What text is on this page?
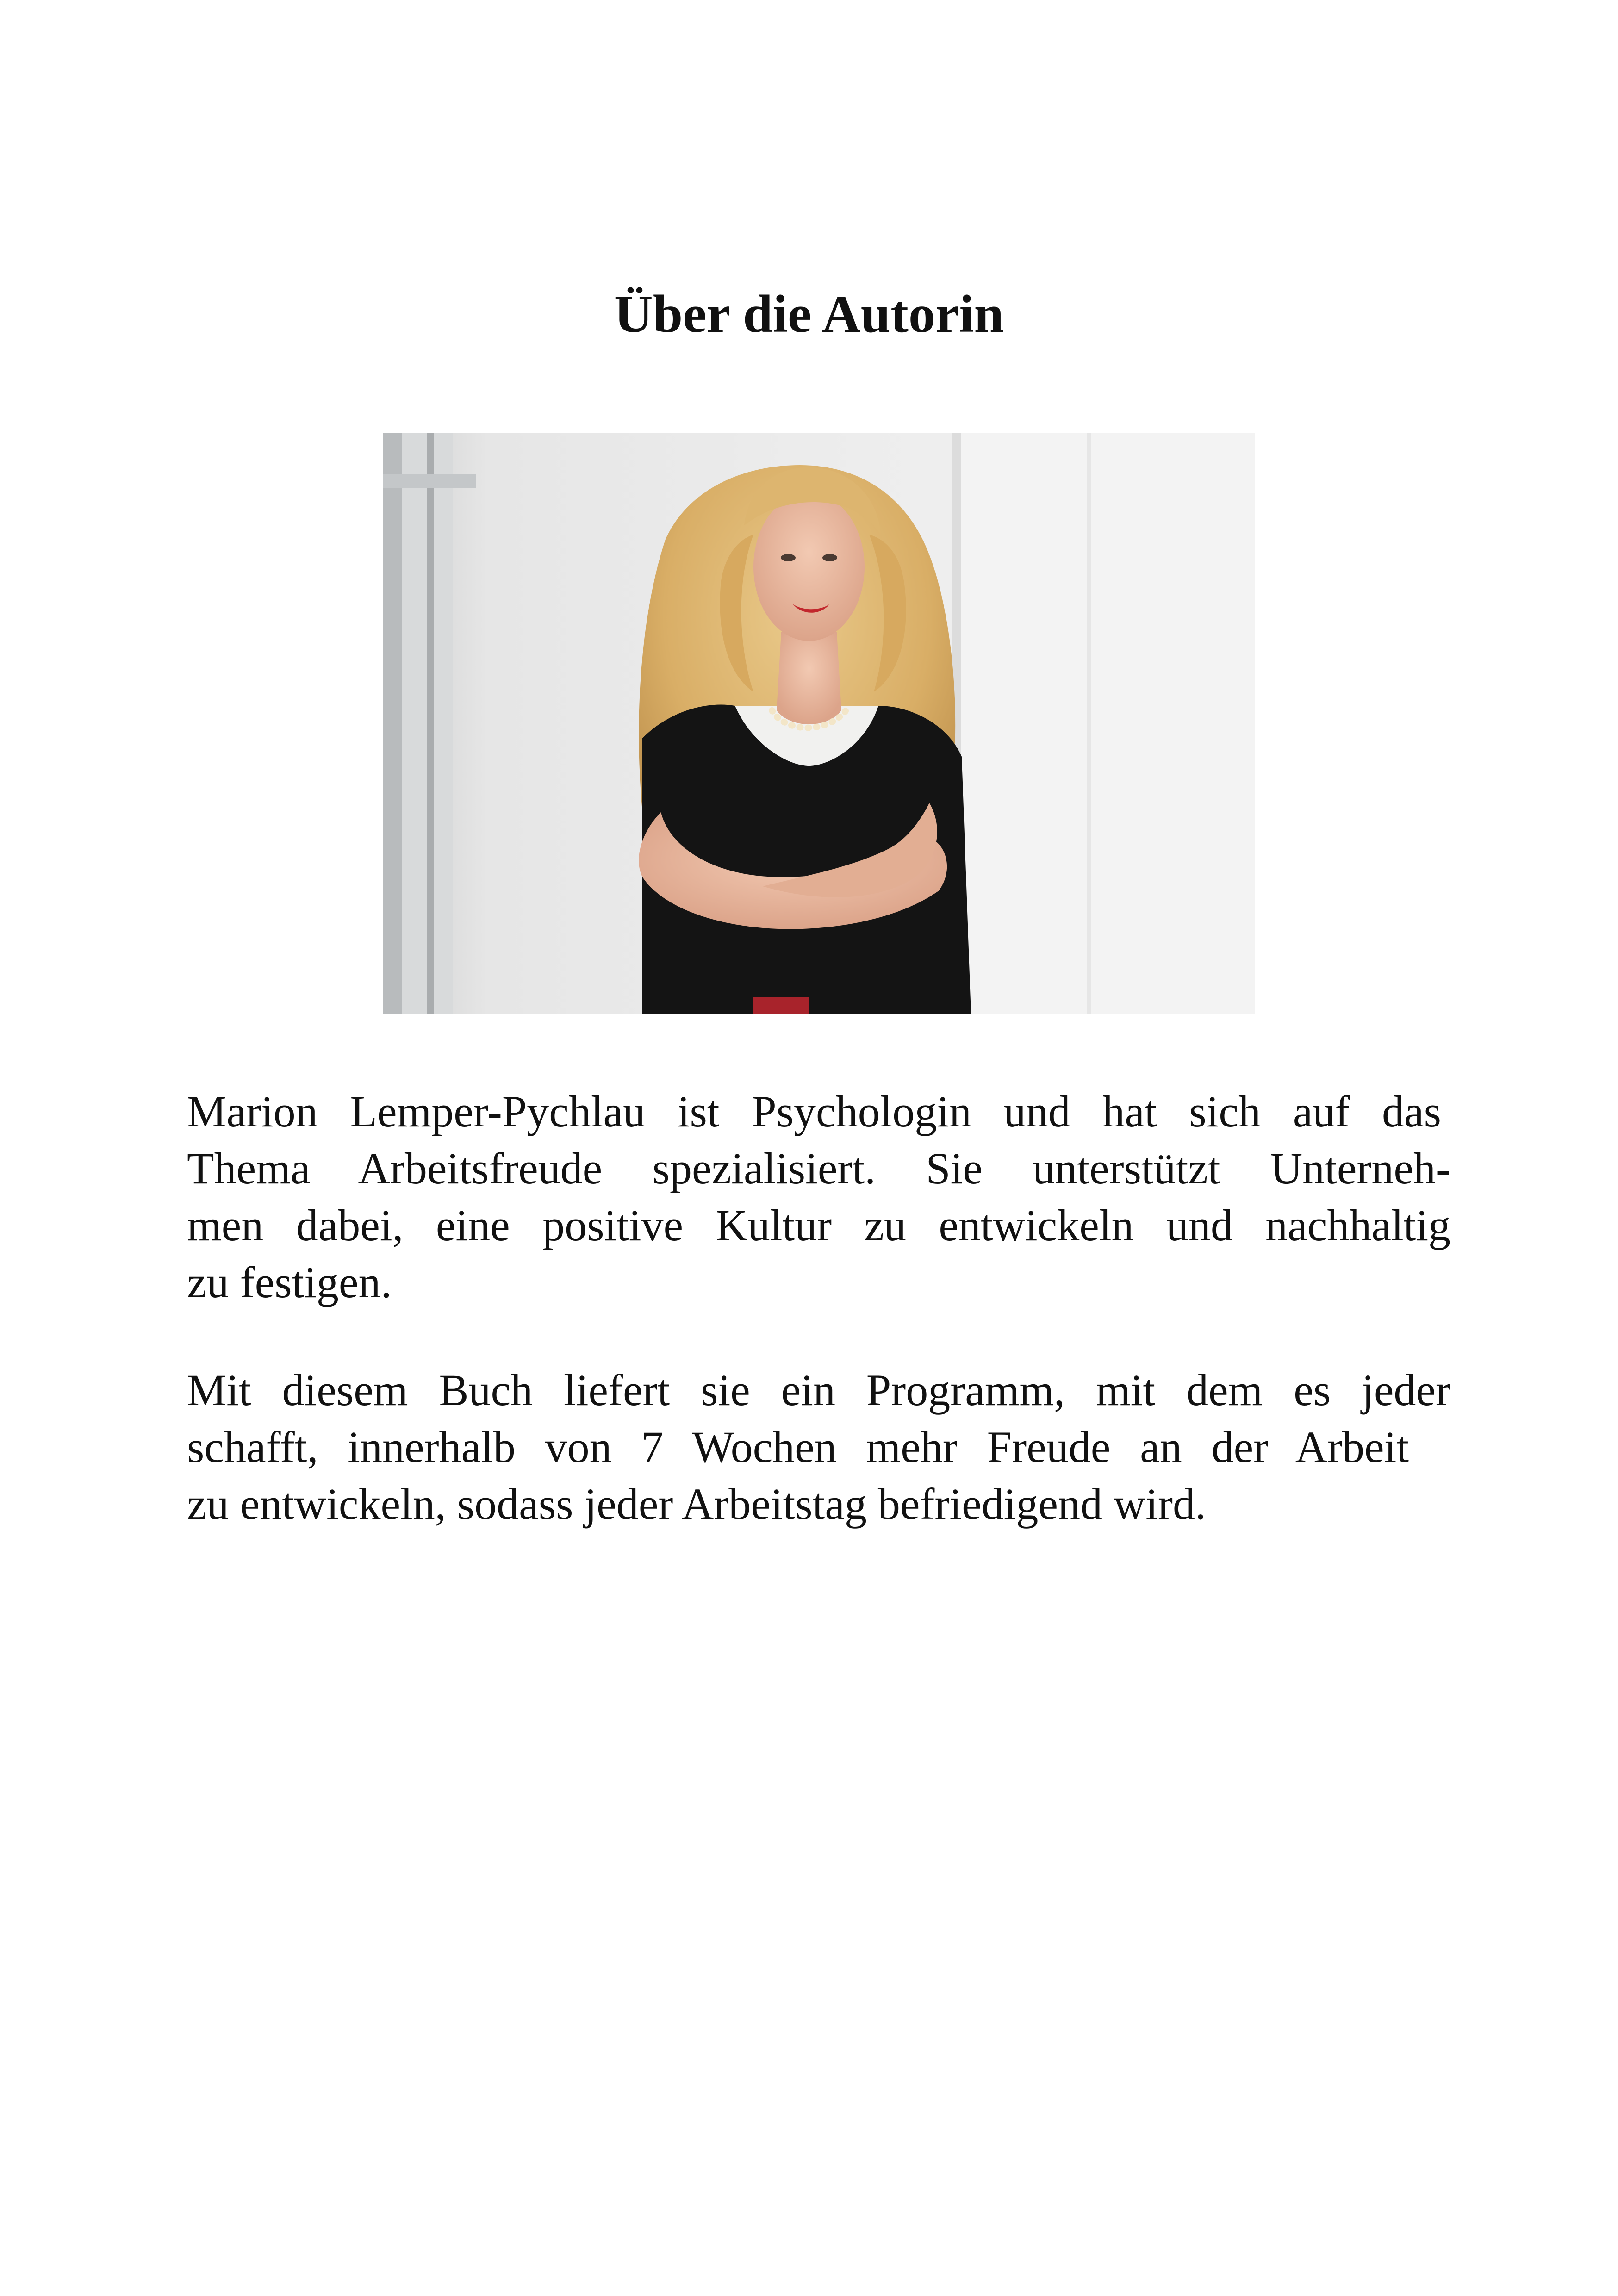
Über die Autorin

Marion Lemper-Pychlau ist Psychologin und hat sich auf das
Thema Arbeitsfreude spezialisiert. Sie unterstützt Unterneh-
men dabei, eine positive Kultur zu entwickeln und nachhaltig
zu festigen.

Mit diesem Buch liefert sie ein Programm, mit dem es jeder
schafft, innerhalb von 7 Wochen mehr Freude an der Arbeit
zu entwickeln, sodass jeder Arbeitstag befriedigend wird.
